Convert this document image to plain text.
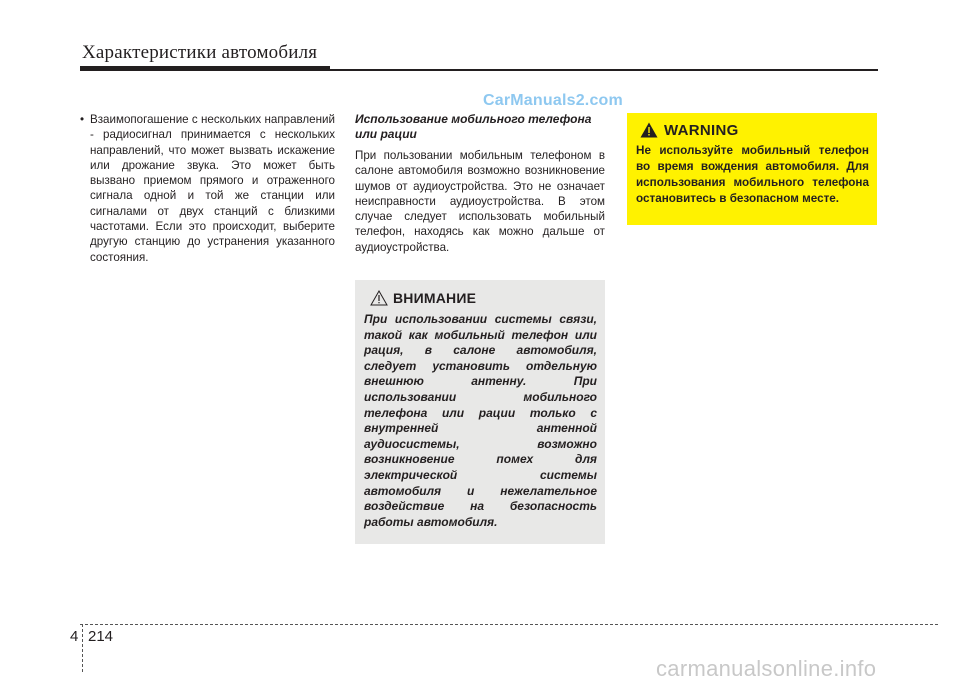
Характеристики автомобиля
• Взаимопогашение с нескольких направлений - радиосигнал принимается с нескольких направлений, что может вызвать искажение или дрожание звука. Это может быть вызвано приемом прямого и отраженного сигнала одной и той же станции или сигналами от двух станций с близкими частотами. Если это происходит, выберите другую станцию до устранения указанного состояния.
CarManuals2.com
Использование мобильного телефона или рации
При пользовании мобильным телефоном в салоне автомобиля возможно возникновение шумов от аудиоустройства. Это не означает неисправности аудиоустройства. В этом случае следует использовать мобильный телефон, находясь как можно дальше от аудиоустройства.
ВНИМАНИЕ
При использовании системы связи, такой как мобильный телефон или рация, в салоне автомобиля, следует установить отдельную внешнюю антенну. При использовании мобильного телефона или рации только с внутренней антенной аудиосистемы, возможно возникновение помех для электрической системы автомобиля и нежелательное воздействие на безопасность работы автомобиля.
WARNING
Не используйте мобильный телефон во время вождения автомобиля. Для использования мобильного телефона остановитесь в безопасном месте.
4 214
carmanualsonline.info
